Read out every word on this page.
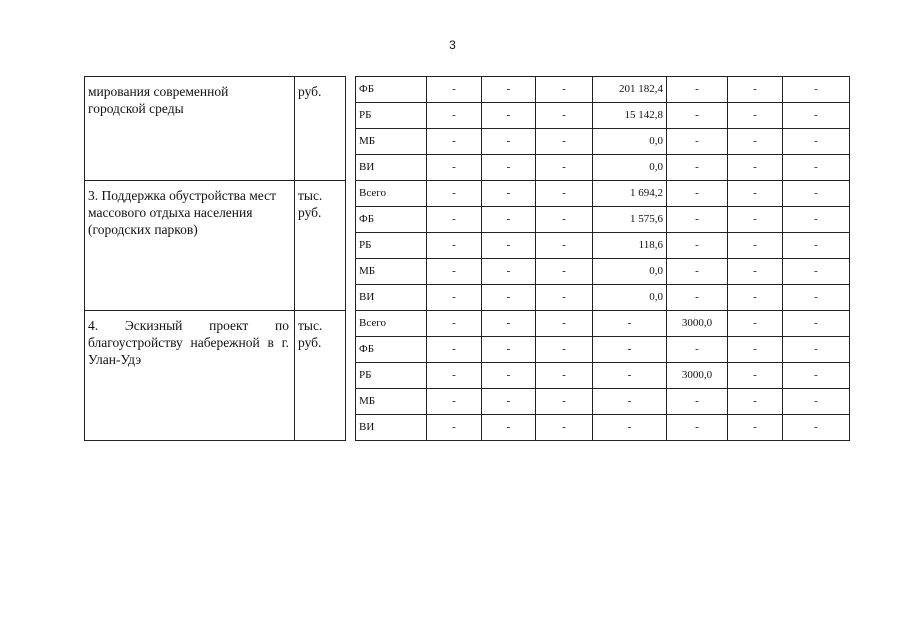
3
мирования современной городской среды	руб.		ФБ	-	-	-	201 182,4	-	-	-
			РБ	-	-	-	15 142,8	-	-	-
			МБ	-	-	-	0,0	-	-	-
			ВИ	-	-	-	0,0	-	-	-
3. Поддержка обустройства мест массового отдыха населения (городских парков)	тыс. руб.		Всего	-	-	-	1 694,2	-	-	-
			ФБ	-	-	-	1 575,6	-	-	-
			РБ	-	-	-	118,6	-	-	-
			МБ	-	-	-	0,0	-	-	-
			ВИ	-	-	-	0,0	-	-	-
4. Эскизный проект по благоустройству набережной в г. Улан-Удэ	тыс. руб.		Всего	-	-	-	-	3000,0	-	-
			ФБ	-	-	-	-	-	-	-
			РБ	-	-	-	-	3000,0	-	-
			МБ	-	-	-	-	-	-	-
			ВИ	-	-	-	-	-	-	-
